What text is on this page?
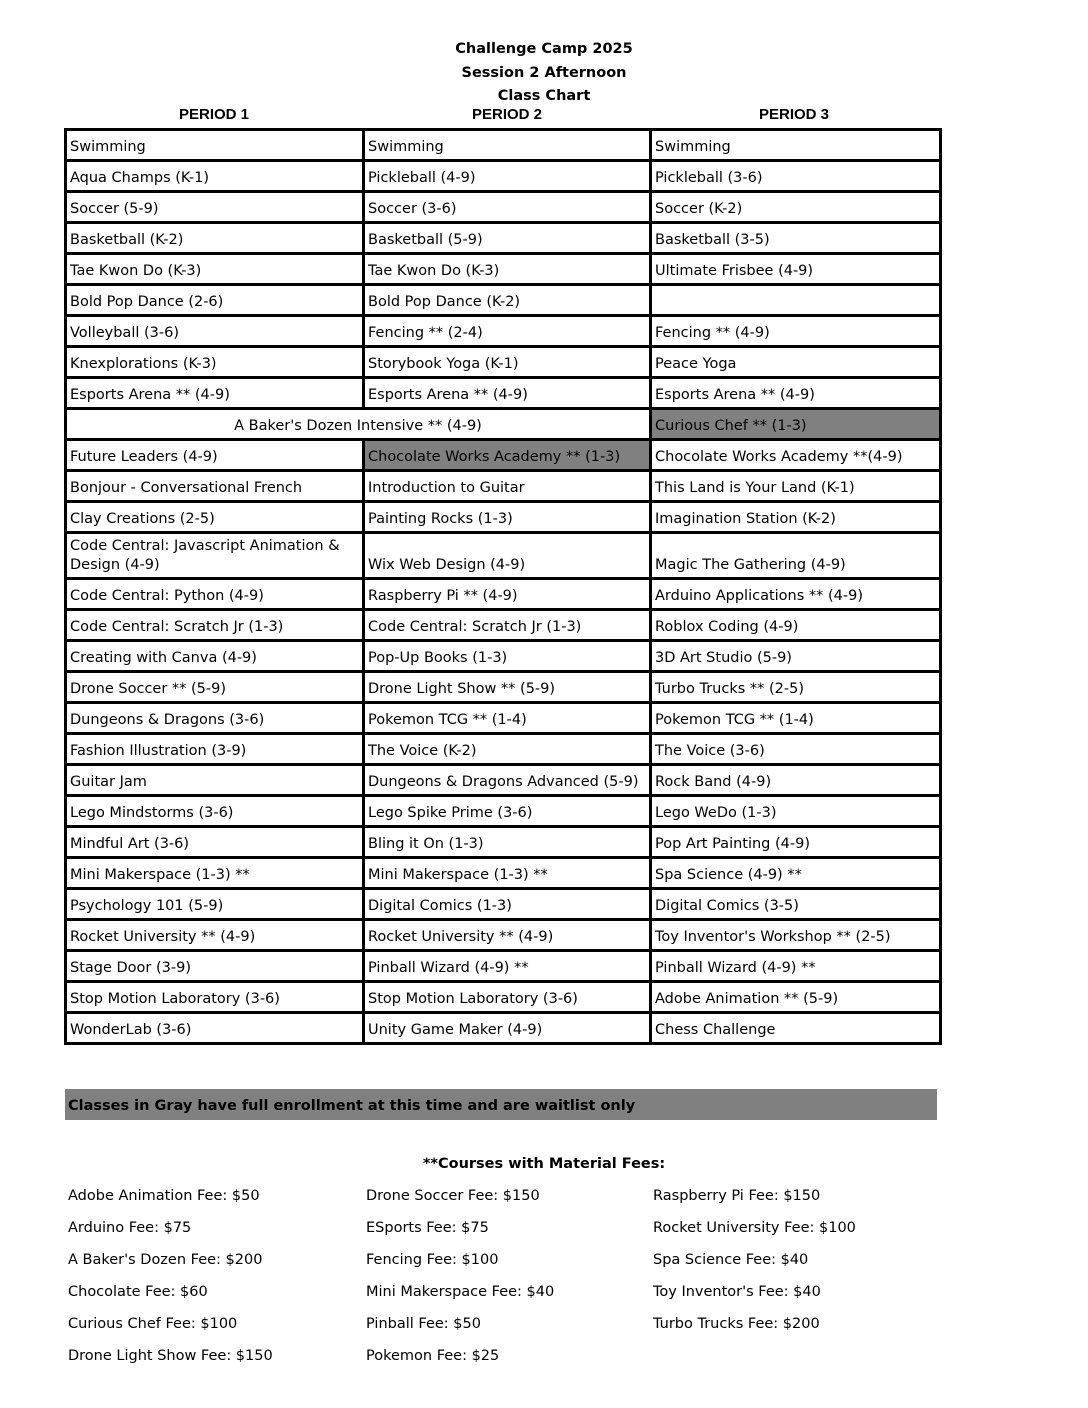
Challenge Camp 2025
Session 2 Afternoon
Class Chart
PERIOD 1	PERIOD 2	PERIOD 3
Swimming	Swimming	Swimming
Aqua Champs (K-1)	Pickleball (4-9)	Pickleball (3-6)
Soccer (5-9)	Soccer (3-6)	Soccer (K-2)
Basketball (K-2)	Basketball (5-9)	Basketball (3-5)
Tae Kwon Do (K-3)	Tae Kwon Do (K-3)	Ultimate Frisbee (4-9)
Bold Pop Dance (2-6)	Bold Pop Dance (K-2)	
Volleyball (3-6)	Fencing ** (2-4)	Fencing ** (4-9)
Knexplorations (K-3)	Storybook Yoga (K-1)	Peace Yoga
Esports Arena ** (4-9)	Esports Arena ** (4-9)	Esports Arena ** (4-9)
A Baker's Dozen Intensive ** (4-9)		Curious Chef ** (1-3)
Future Leaders (4-9)	Chocolate Works Academy ** (1-3)	Chocolate Works Academy **(4-9)
Bonjour - Conversational French	Introduction to Guitar	This Land is Your Land (K-1)
Clay Creations (2-5)	Painting Rocks (1-3)	Imagination Station (K-2)
Code Central: Javascript Animation & Design (4-9)	Wix Web Design (4-9)	Magic The Gathering (4-9)
Code Central: Python (4-9)	Raspberry Pi ** (4-9)	Arduino Applications ** (4-9)
Code Central: Scratch Jr (1-3)	Code Central: Scratch Jr (1-3)	Roblox Coding (4-9)
Creating with Canva (4-9)	Pop-Up Books (1-3)	3D Art Studio (5-9)
Drone Soccer ** (5-9)	Drone Light Show ** (5-9)	Turbo Trucks ** (2-5)
Dungeons & Dragons (3-6)	Pokemon TCG ** (1-4)	Pokemon TCG ** (1-4)
Fashion Illustration (3-9)	The Voice (K-2)	The Voice (3-6)
Guitar Jam	Dungeons & Dragons Advanced (5-9)	Rock Band (4-9)
Lego Mindstorms (3-6)	Lego Spike Prime (3-6)	Lego WeDo (1-3)
Mindful Art (3-6)	Bling it On (1-3)	Pop Art Painting (4-9)
Mini Makerspace (1-3) **	Mini Makerspace (1-3) **	Spa Science (4-9) **
Psychology 101 (5-9)	Digital Comics (1-3)	Digital Comics (3-5)
Rocket University ** (4-9)	Rocket University ** (4-9)	Toy Inventor's Workshop ** (2-5)
Stage Door (3-9)	Pinball Wizard (4-9) **	Pinball Wizard (4-9) **
Stop Motion Laboratory (3-6)	Stop Motion Laboratory (3-6)	Adobe Animation ** (5-9)
WonderLab (3-6)	Unity Game Maker (4-9)	Chess Challenge
Classes in Gray have full enrollment at this time and are waitlist only
**Courses with Material Fees:
Adobe Animation Fee: $50
Arduino Fee: $75
A Baker's Dozen Fee: $200
Chocolate Fee: $60
Curious Chef Fee: $100
Drone Light Show Fee: $150
Drone Soccer Fee: $150
ESports Fee: $75
Fencing Fee: $100
Mini Makerspace Fee: $40
Pinball Fee: $50
Pokemon Fee: $25
Raspberry Pi Fee: $150
Rocket University Fee: $100
Spa Science Fee: $40
Toy Inventor's Fee: $40
Turbo Trucks Fee: $200
